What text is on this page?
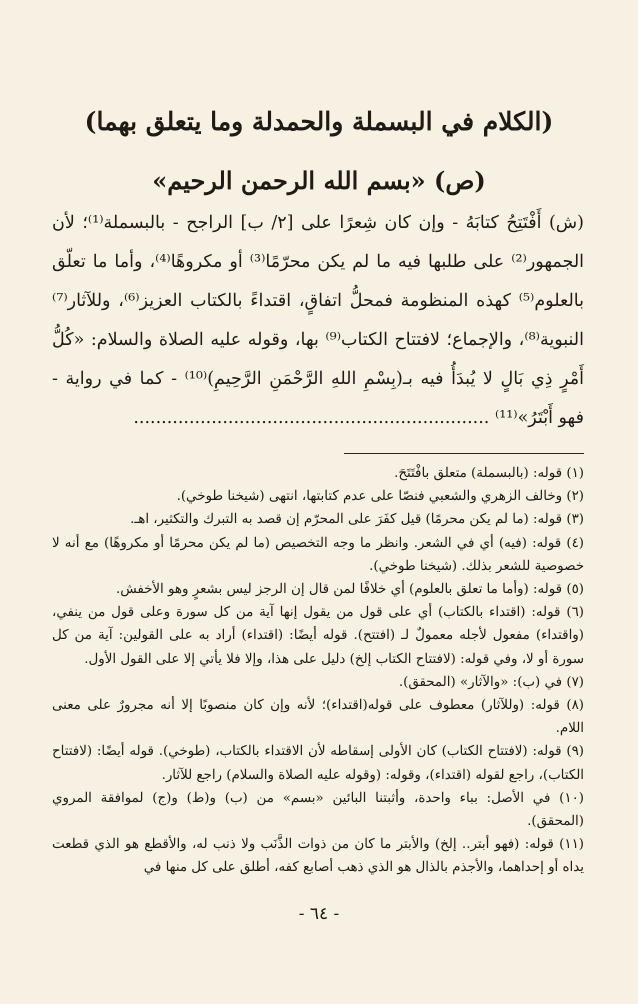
(الكلام في البسملة والحمدلة وما يتعلق بهما)
(ص) «بسم الله الرحمن الرحيم»

(ش) أَفْتَتِحُ كتابَهُ - وإن كان شِعرًا على [٢/ ب] الراجح - بالبسملة⁽¹⁾؛ لأن الجمهور⁽²⁾ على طلبها فيه ما لم يكن محرّمًا⁽³⁾ أو مكروهًا⁽⁴⁾، وأما ما تعلّق بالعلوم⁽⁵⁾ كهذه المنظومة فمحلُّ اتفاقٍ، اقتداءً بالكتاب العزيز⁽⁶⁾، وللآثار⁽⁷⁾ النبوية⁽⁸⁾، والإجماع؛ لافتتاح الكتاب⁽⁹⁾ بها، وقوله عليه الصلاة والسلام: «كُلُّ أَمْرٍ ذِي بَالٍ لا يُبدَأُ فيه بـ(بِسْمِ اللهِ الرَّحْمَنِ الرَّحِيمِ)⁽¹⁰⁾ - كما في رواية - فهو أَبْتَرُ»⁽¹¹⁾ ................................................................

(١) قوله: (بالبسملة) متعلق بافْتَتَحَ.

(٢) وخالف الزهري والشعبي فنصّا على عدم كتابتها، انتهى (شيخنا طوخي).

(٣) قوله: (ما لم يكن محرمًا) قيل كفَرَ على المحرّم إن قصد به التبرك والتكثير، اهـ.

(٤) قوله: (فيه) أي في الشعر. وانظر ما وجه التخصيص (ما لم يكن محرمًا أو مكروهًا) مع أنه لا خصوصية للشعر بذلك. (شيخنا طوخي).

(٥) قوله: (وأما ما تعلق بالعلوم) أي خلافًا لمن قال إن الرجز ليس بشعرٍ وهو الأخفش.

(٦) قوله: (اقتداء بالكتاب) أي على قول من يقول إنها آية من كل سورة وعلى قول من ينفي، (واقتداء) مفعول لأجله معمولٌ لـ (افتتح). قوله أيضًا: (اقتداء) أراد به على القولين: آية من كل سورة أو لا، وفي قوله: (لافتتاح الكتاب إلخ) دليل على هذا، وإلا فلا يأتي إلا على القول الأول.

(٧) في (ب): «والآثار» (المحقق).

(٨) قوله: (وللآثار) معطوف على قوله(اقتداء)؛ لأنه وإن كان منصوبًا إلا أنه مجرورٌ على معنى اللام.

(٩) قوله: (لافتتاح الكتاب) كان الأولى إسقاطه لأن الاقتداء بالكتاب، (طوخي). قوله أيضًا: (لافتتاح الكتاب)، راجع لقوله (اقتداء)، وقوله: (وقوله عليه الصلاة والسلام) راجع للآثار.

(١٠) في الأصل: بباء واحدة، وأثبتنا البائين «بسم» من (ب) و(ط) و(ج) لموافقة المروي (المحقق).

(١١) قوله: (فهو أبتر.. إلخ) والأبتر ما كان من ذوات الذَّنَب ولا ذنب له، والأقطع هو الذي قطعت يداه أو إحداهما، والأجذم بالذال هو الذي ذهب أصابع كفه، أطلق على كل منها في

- ٦٤ -
